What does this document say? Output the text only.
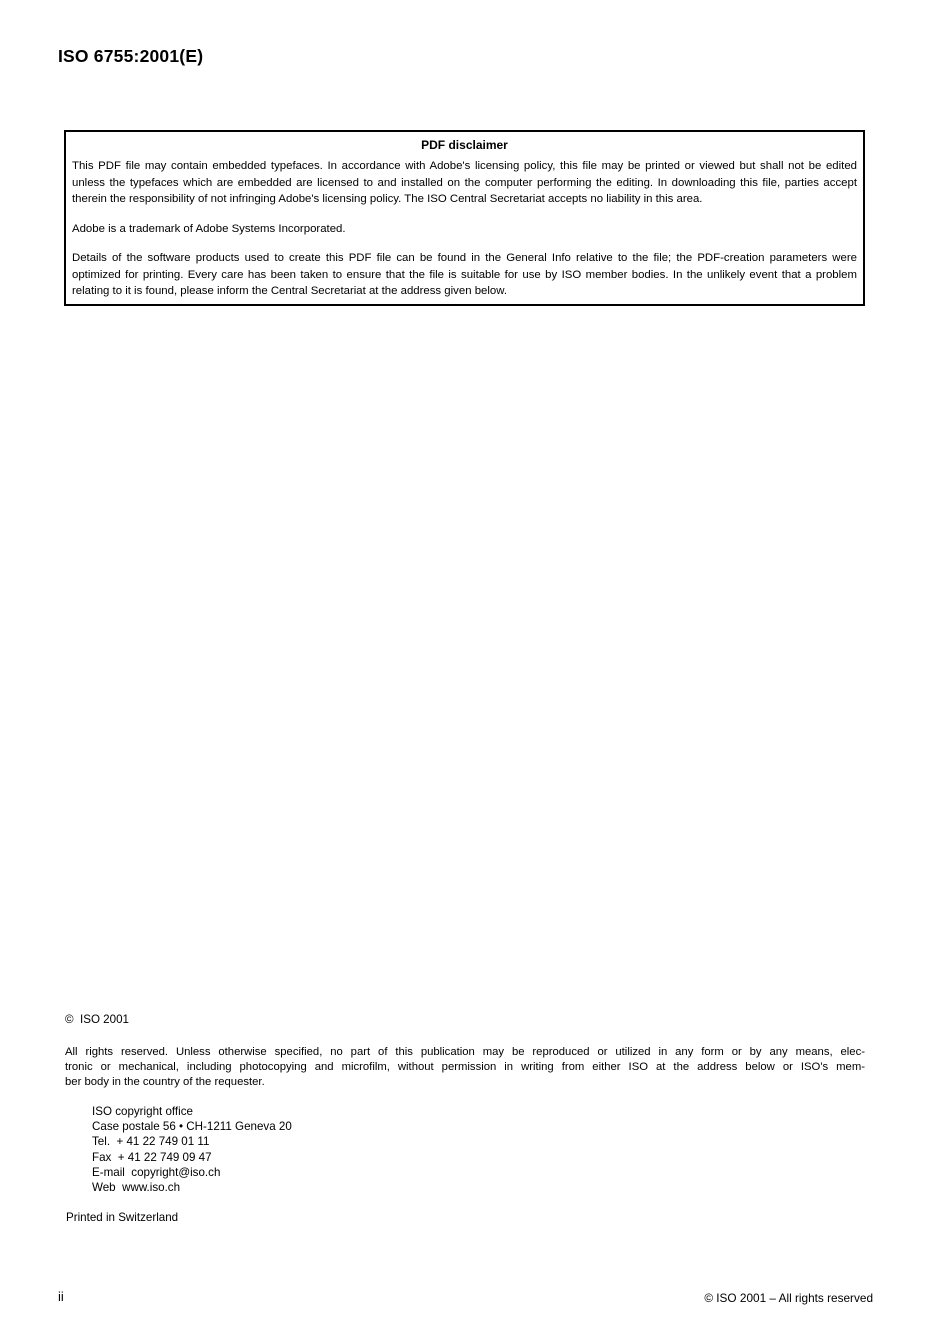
ISO 6755:2001(E)
PDF disclaimer

This PDF file may contain embedded typefaces. In accordance with Adobe's licensing policy, this file may be printed or viewed but shall not be edited unless the typefaces which are embedded are licensed to and installed on the computer performing the editing. In downloading this file, parties accept therein the responsibility of not infringing Adobe's licensing policy. The ISO Central Secretariat accepts no liability in this area.

Adobe is a trademark of Adobe Systems Incorporated.

Details of the software products used to create this PDF file can be found in the General Info relative to the file; the PDF-creation parameters were optimized for printing. Every care has been taken to ensure that the file is suitable for use by ISO member bodies. In the unlikely event that a problem relating to it is found, please inform the Central Secretariat at the address given below.

©  ISO 2001
All rights reserved. Unless otherwise specified, no part of this publication may be reproduced or utilized in any form or by any means, elec-
tronic or mechanical, including photocopying and microfilm, without permission in writing from either ISO at the address below or ISO's mem-
ber body in the country of the requester.
ISO copyright office
Case postale 56 • CH-1211 Geneva 20
Tel.  + 41 22 749 01 11
Fax  + 41 22 749 09 47
E-mail  copyright@iso.ch
Web  www.iso.ch
Printed in Switzerland
ii	© ISO 2001 – All rights reserved
